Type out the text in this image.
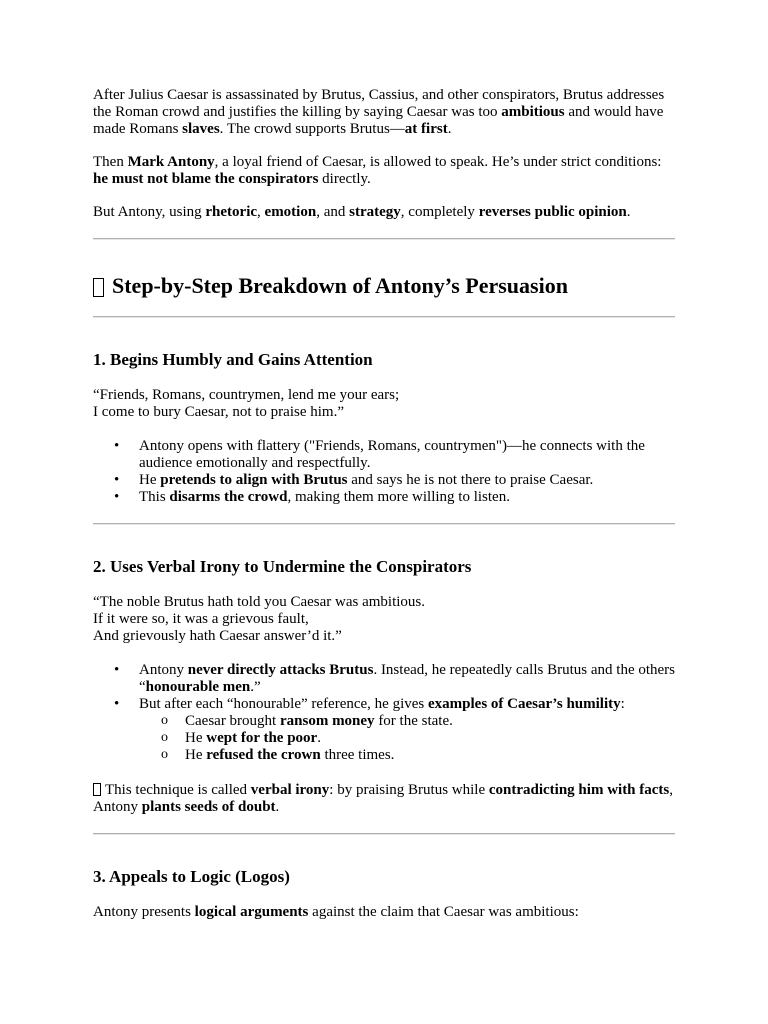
After Julius Caesar is assassinated by Brutus, Cassius, and other conspirators, Brutus addresses the Roman crowd and justifies the killing by saying Caesar was too ambitious and would have made Romans slaves. The crowd supports Brutus—at first.

Then Mark Antony, a loyal friend of Caesar, is allowed to speak. He’s under strict conditions: he must not blame the conspirators directly.

But Antony, using rhetoric, emotion, and strategy, completely reverses public opinion.

Step-by-Step Breakdown of Antony’s Persuasion
1. Begins Humbly and Gains Attention

“Friends, Romans, countrymen, lend me your ears;

I come to bury Caesar, not to praise him.”

• Antony opens with flattery ("Friends, Romans, countrymen")—he connects with the audience emotionally and respectfully.
• He pretends to align with Brutus and says he is not there to praise Caesar.
• This disarms the crowd, making them more willing to listen.
2. Uses Verbal Irony to Undermine the Conspirators

“The noble Brutus hath told you Caesar was ambitious.

If it were so, it was a grievous fault,

And grievously hath Caesar answer’d it.”

• Antony never directly attacks Brutus. Instead, he repeatedly calls Brutus and the others “honourable men.”
• But after each “honourable” reference, he gives examples of Caesar’s humility:
o Caesar brought ransom money for the state.
o He wept for the poor.
o He refused the crown three times.

This technique is called verbal irony: by praising Brutus while contradicting him with facts, Antony plants seeds of doubt.

3. Appeals to Logic (Logos)

Antony presents logical arguments against the claim that Caesar was ambitious:
